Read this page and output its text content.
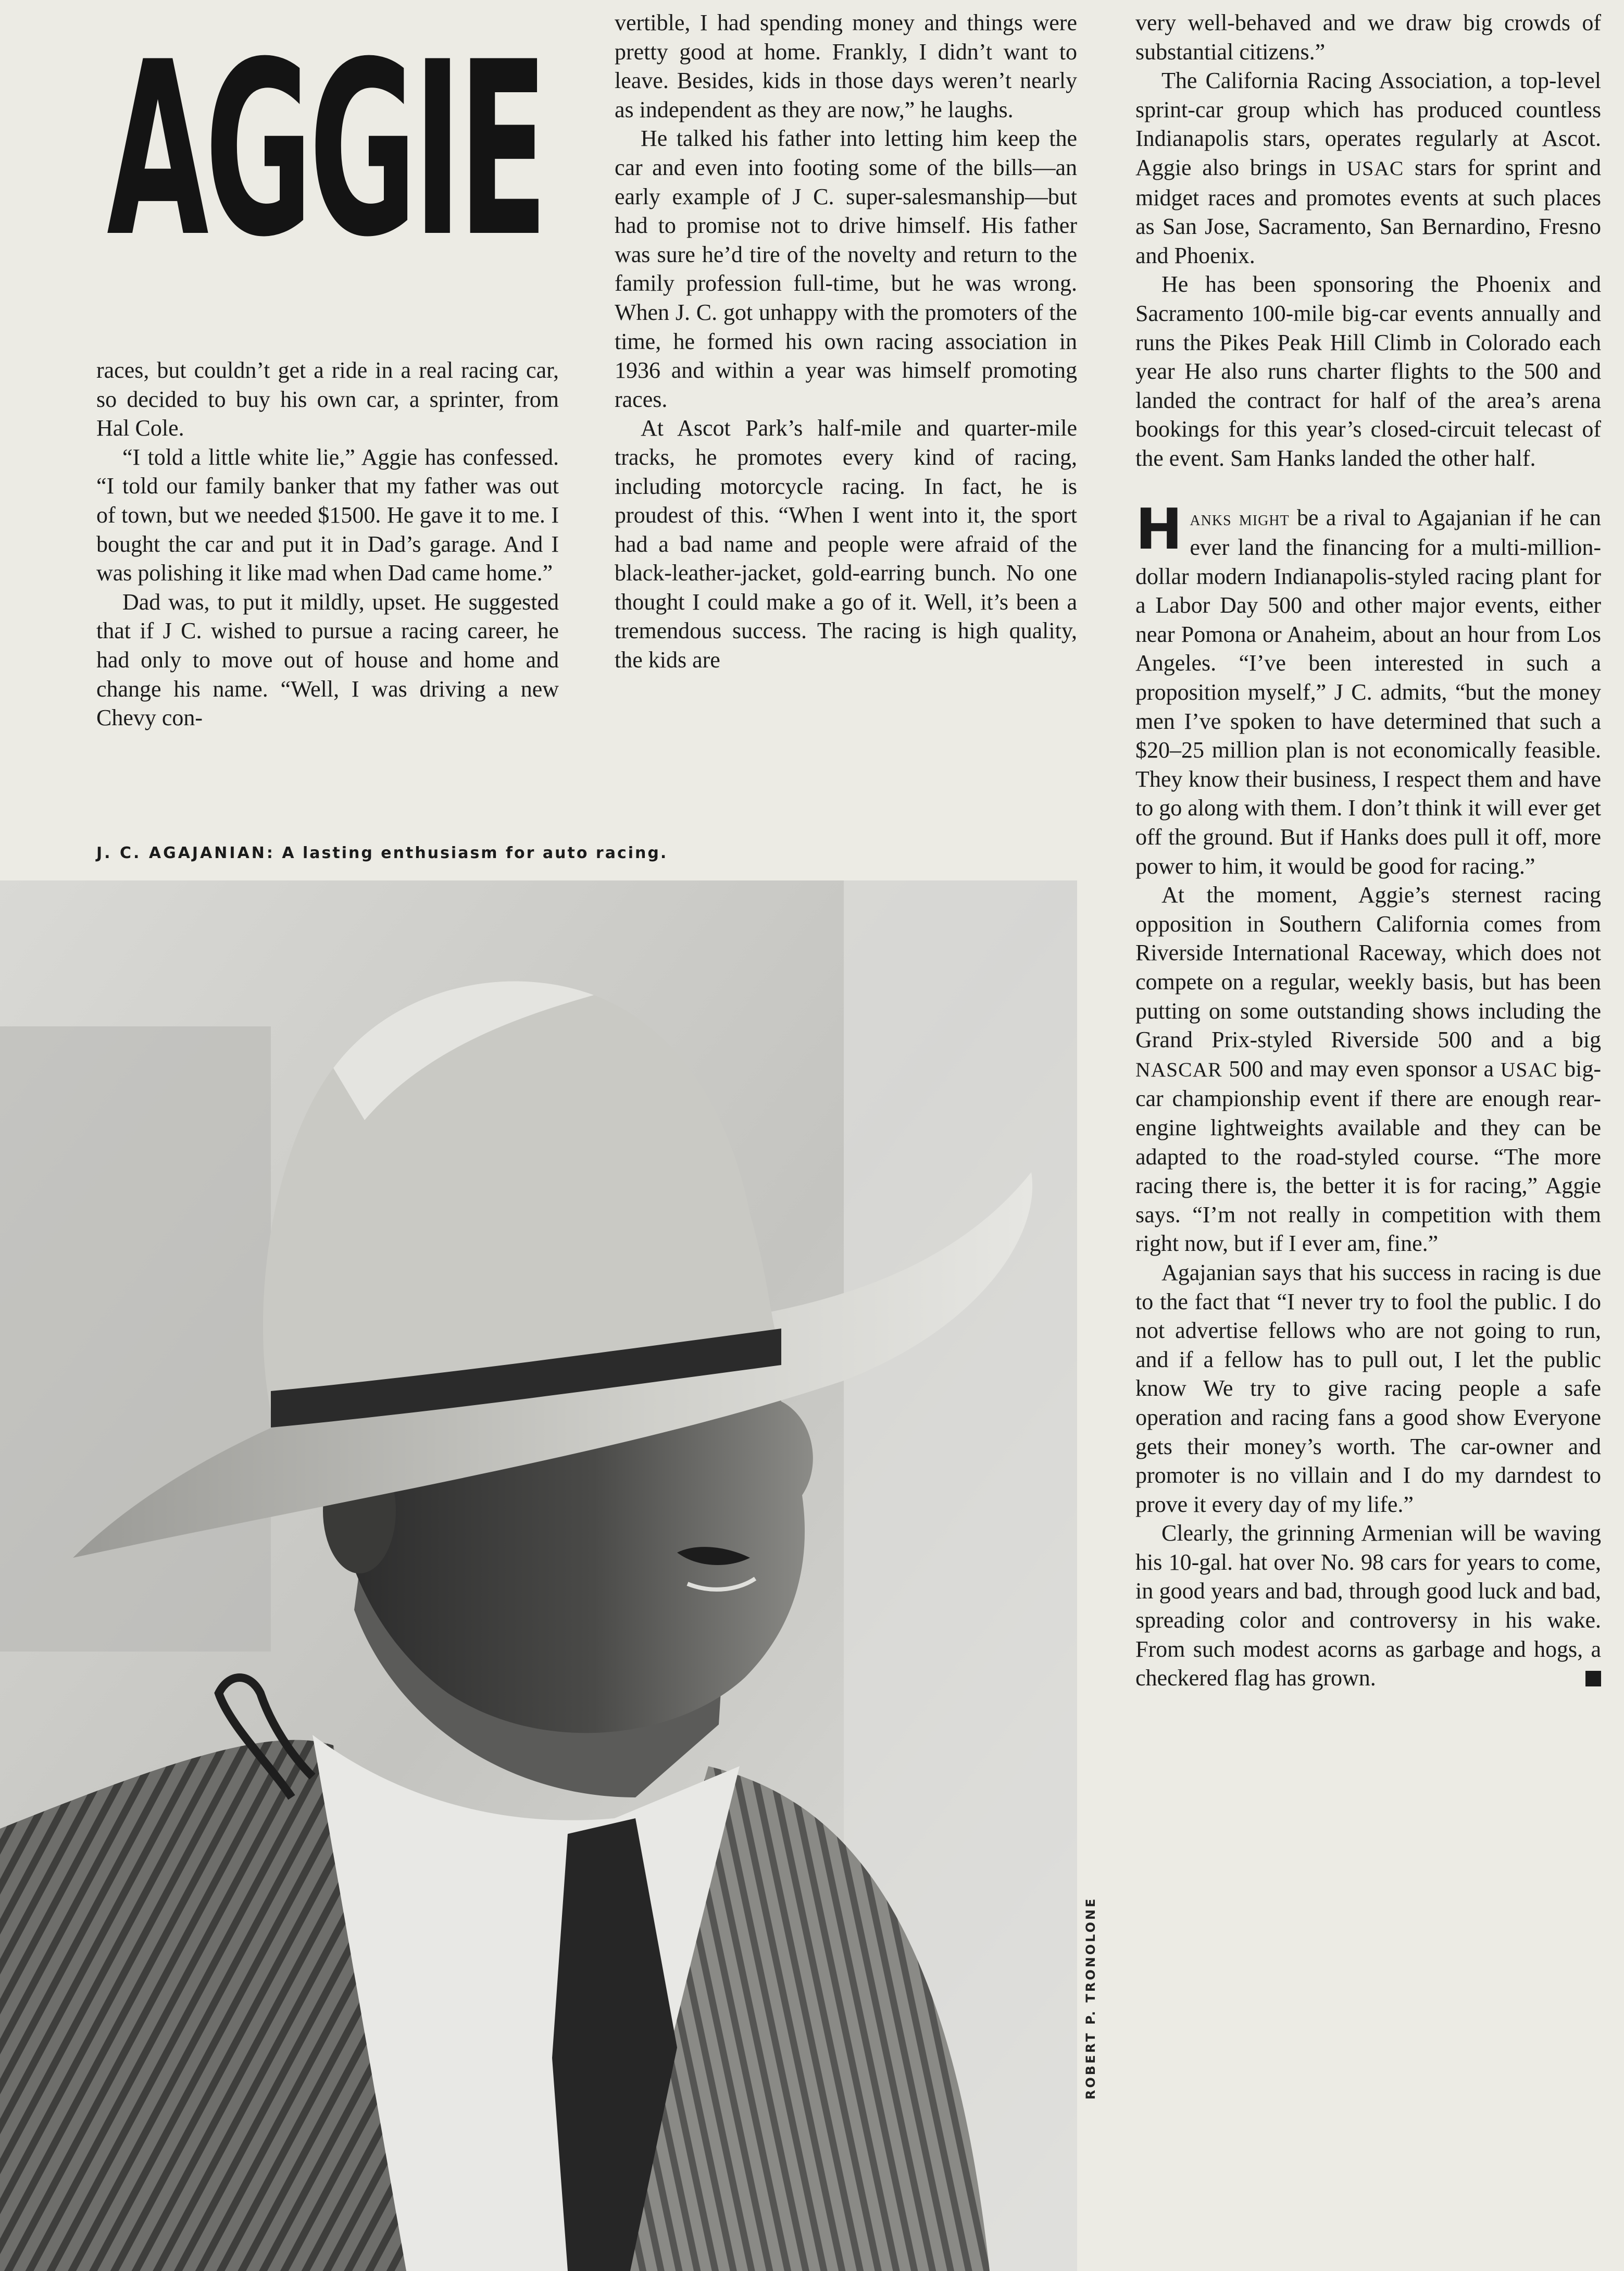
AGGIE

races, but couldn’t get a ride in a real racing car, so decided to buy his own car, a sprinter, from Hal Cole.

“I told a little white lie,” Aggie has confessed. “I told our family banker that my father was out of town, but we needed $1500. He gave it to me. I bought the car and put it in Dad’s garage. And I was polishing it like mad when Dad came home.”

Dad was, to put it mildly, upset. He suggested that if J C. wished to pursue a racing career, he had only to move out of house and home and change his name. “Well, I was driving a new Chevy con-

vertible, I had spending money and things were pretty good at home. Frankly, I didn’t want to leave. Besides, kids in those days weren’t nearly as independent as they are now,” he laughs.

He talked his father into letting him keep the car and even into footing some of the bills—an early example of J C. super-salesmanship—but had to promise not to drive himself. His father was sure he’d tire of the novelty and return to the family profession full-time, but he was wrong. When J. C. got unhappy with the promoters of the time, he formed his own racing association in 1936 and within a year was himself promoting races.

At Ascot Park’s half-mile and quarter-mile tracks, he promotes every kind of racing, including motorcycle racing. In fact, he is proudest of this. “When I went into it, the sport had a bad name and people were afraid of the black-leather-jacket, gold-earring bunch. No one thought I could make a go of it. Well, it’s been a tremendous success. The racing is high quality, the kids are

very well-behaved and we draw big crowds of substantial citizens.”

The California Racing Association, a top-level sprint-car group which has produced countless Indianapolis stars, operates regularly at Ascot. Aggie also brings in USAC stars for sprint and midget races and promotes events at such places as San Jose, Sacramento, San Bernardino, Fresno and Phoenix.

He has been sponsoring the Phoenix and Sacramento 100-mile big-car events annually and runs the Pikes Peak Hill Climb in Colorado each year He also runs charter flights to the 500 and landed the contract for half of the area’s arena bookings for this year’s closed-circuit telecast of the event. Sam Hanks landed the other half.

Hanks might be a rival to Agajanian if he can ever land the financing for a multi-million-dollar modern Indianapolis-styled racing plant for a Labor Day 500 and other major events, either near Pomona or Anaheim, about an hour from Los Angeles. “I’ve been interested in such a proposition myself,” J C. admits, “but the money men I’ve spoken to have determined that such a $20–25 million plan is not economically feasible. They know their business, I respect them and have to go along with them. I don’t think it will ever get off the ground. But if Hanks does pull it off, more power to him, it would be good for racing.”

At the moment, Aggie’s sternest racing opposition in Southern California comes from Riverside International Raceway, which does not compete on a regular, weekly basis, but has been putting on some outstanding shows including the Grand Prix-styled Riverside 500 and a big NASCAR 500 and may even sponsor a USAC big-car championship event if there are enough rear-engine lightweights available and they can be adapted to the road-styled course. “The more racing there is, the better it is for racing,” Aggie says. “I’m not really in competition with them right now, but if I ever am, fine.”

Agajanian says that his success in racing is due to the fact that “I never try to fool the public. I do not advertise fellows who are not going to run, and if a fellow has to pull out, I let the public know We try to give racing people a safe operation and racing fans a good show Everyone gets their money’s worth. The car-owner and promoter is no villain and I do my darndest to prove it every day of my life.”

Clearly, the grinning Armenian will be waving his 10-gal. hat over No. 98 cars for years to come, in good years and bad, through good luck and bad, spreading color and controversy in his wake. From such modest acorns as garbage and hogs, a checkered flag has grown.

J. C. AGAJANIAN: A lasting enthusiasm for auto racing.
ROBERT P. TRONOLONE
